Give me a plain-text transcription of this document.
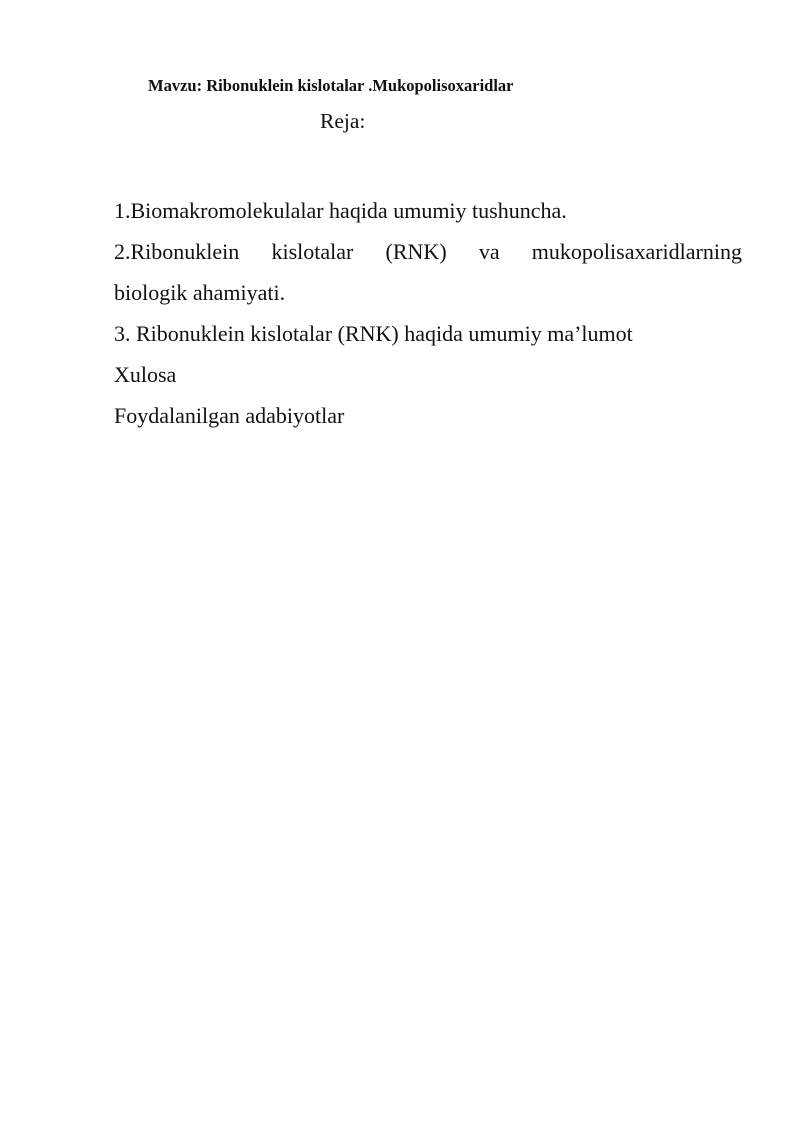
Mavzu: Ribonuklein kislotalar .Mukopolisoxaridlar
Reja:
1.Biomakromolekulalar haqida umumiy tushuncha.
2.Ribonuklein kislotalar (RNK) va mukopolisaxaridlarning
biologik ahamiyati.
3. Ribonuklein kislotalar (RNK) haqida umumiy ma’lumot
Xulosa
Foydalanilgan adabiyotlar
